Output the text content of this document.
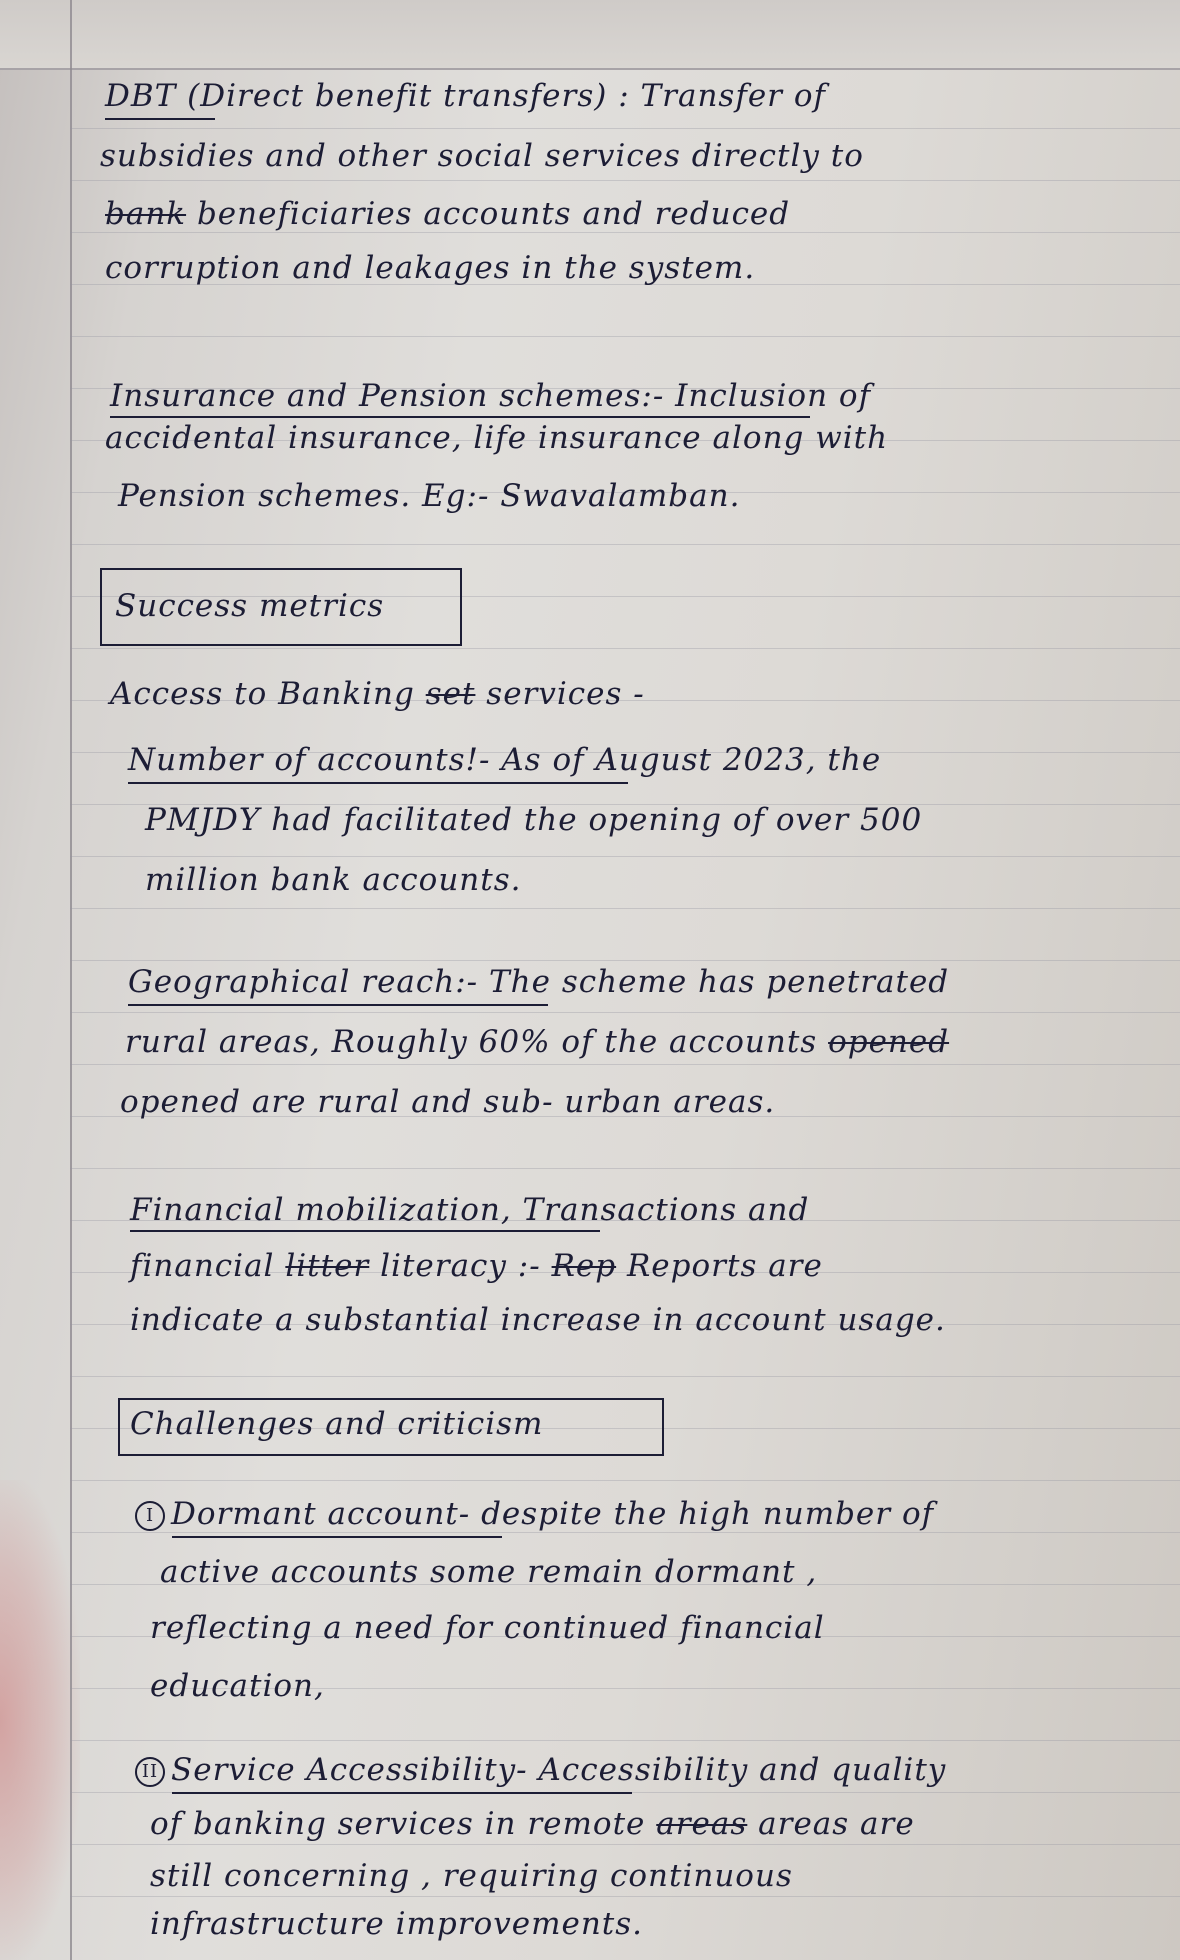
DBT (Direct benefit transfers) : Transfer of
subsidies and other social services directly to
bank beneficiaries accounts and reduced
corruption and leakages in the system.
Insurance and Pension schemes:- Inclusion of
accidental insurance, life insurance along with
Pension schemes. Eg:- Swavalamban.
Success metrics
Access to Banking set services -
Number of accounts!- As of August 2023, the
PMJDY had facilitated the opening of over 500
million bank accounts.
Geographical reach:- The scheme has penetrated
rural areas, Roughly 60% of the accounts opened
opened are rural and sub- urban areas.
Financial mobilization, Transactions and
financial litter literacy :- Rep Reports are
indicate a substantial increase in account usage.
Challenges and criticism
I Dormant account- despite the high number of
active accounts some remain dormant ,
reflecting a need for continued financial
education,
II Service Accessibility- Accessibility and quality
of banking services in remote areas areas are
still concerning , requiring continuous
infrastructure improvements.
